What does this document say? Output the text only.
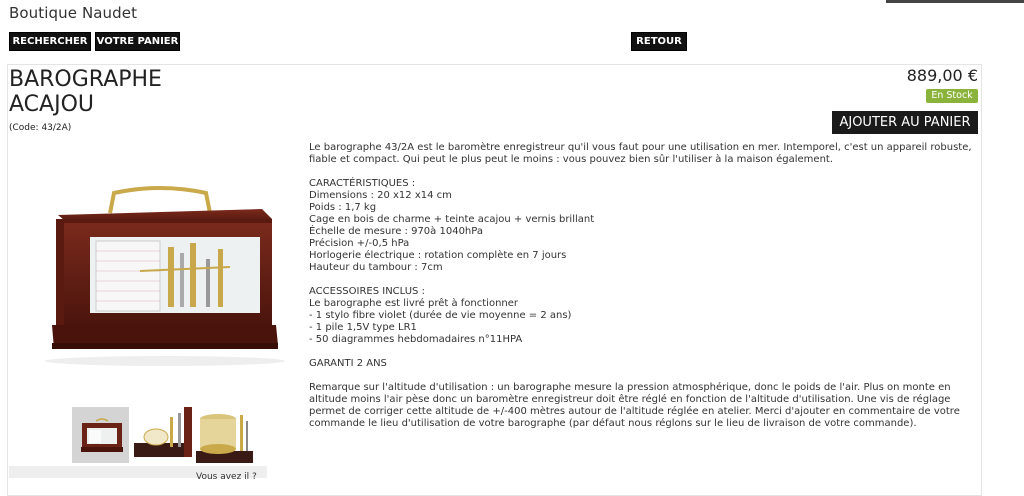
Boutique Naudet
RECHERCHER VOTRE PANIER	RETOUR
BAROGRAPHE
ACAJOU
(Code: 43/2A)
889,00 €
En Stock
AJOUTER AU PANIER

Le barographe 43/2A est le baromètre enregistreur qu'il vous faut pour une utilisation en mer. Intemporel, c'est un appareil robuste, fiable et compact. Qui peut le plus peut le moins : vous pouvez bien sûr l'utiliser à la maison également.

CARACTÉRISTIQUES :

Dimensions : 20 x12 x14 cm

Poids : 1,7 kg

Cage en bois de charme + teinte acajou + vernis brillant

Échelle de mesure : 970à 1040hPa

Précision +/-0,5 hPa

Horlogerie électrique : rotation complète en 7 jours

Hauteur du tambour : 7cm

ACCESSOIRES INCLUS :

Le barographe est livré prêt à fonctionner

- 1 stylo fibre violet (durée de vie moyenne = 2 ans)

- 1 pile 1,5V type LR1

- 50 diagrammes hebdomadaires n°11HPA

GARANTI 2 ANS

Remarque sur l'altitude d'utilisation : un barographe mesure la pression atmosphérique, donc le poids de l'air. Plus on monte en altitude moins l'air pèse donc un baromètre enregistreur doit être réglé en fonction de l'altitude d'utilisation. Une vis de réglage permet de corriger cette altitude de +/-400 mètres autour de l'altitude réglée en atelier. Merci d'ajouter en commentaire de votre commande le lieu d'utilisation de votre barographe (par défaut nous réglons sur le lieu de livraison de votre commande).

Vous avez il ?
